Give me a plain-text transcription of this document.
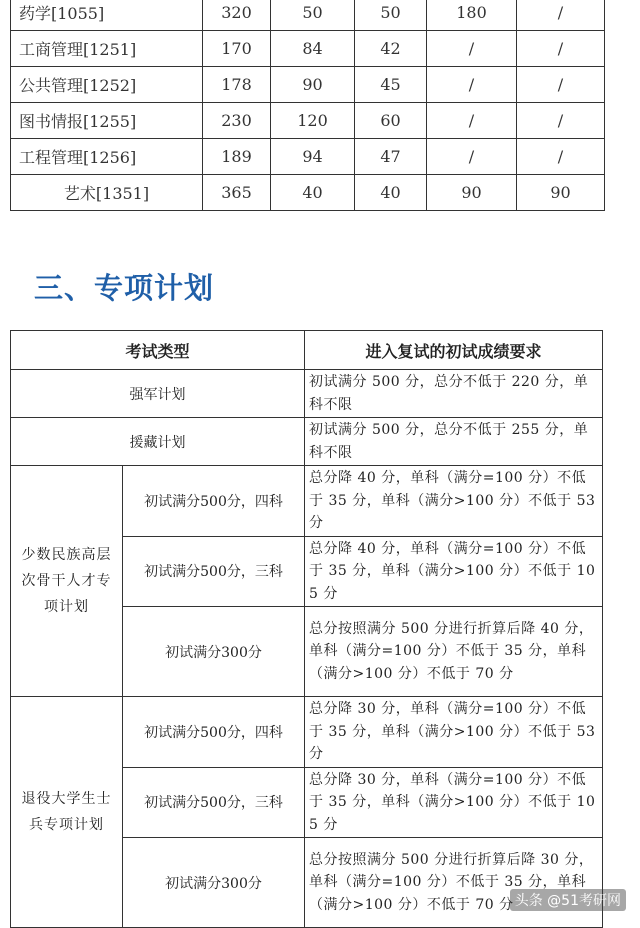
药学[1055]	320	50	50	180	/
工商管理[1251]	170	84	42	/	/
公共管理[1252]	178	90	45	/	/
图书情报[1255]	230	120	60	/	/
工程管理[1256]	189	94	47	/	/
艺术[1351]	365	40	40	90	90
三、专项计划
考试类型		进入复试的初试成绩要求
强军计划		初试满分 500 分，总分不低于 220 分，单科不限
援藏计划		初试满分 500 分，总分不低于 255 分，单科不限
少数民族高层次骨干人才专项计划	初试满分500分，四科	总分降 40 分，单科（满分=100 分）不低于 35 分，单科（满分>100 分）不低于 53 分
	初试满分500分，三科	总分降 40 分，单科（满分=100 分）不低于 35 分，单科（满分>100 分）不低于 105 分
	初试满分300分	总分按照满分 500 分进行折算后降 40 分，单科（满分=100 分）不低于 35 分，单科（满分>100 分）不低于 70 分
退役大学生士兵专项计划	初试满分500分，四科	总分降 30 分，单科（满分=100 分）不低于 35 分，单科（满分>100 分）不低于 53 分
	初试满分500分，三科	总分降 30 分，单科（满分=100 分）不低于 35 分，单科（满分>100 分）不低于 105 分
	初试满分300分	总分按照满分 500 分进行折算后降 30 分，单科（满分=100 分）不低于 35 分，单科（满分>100 分）不低于 70 分 头条 @51考研网
